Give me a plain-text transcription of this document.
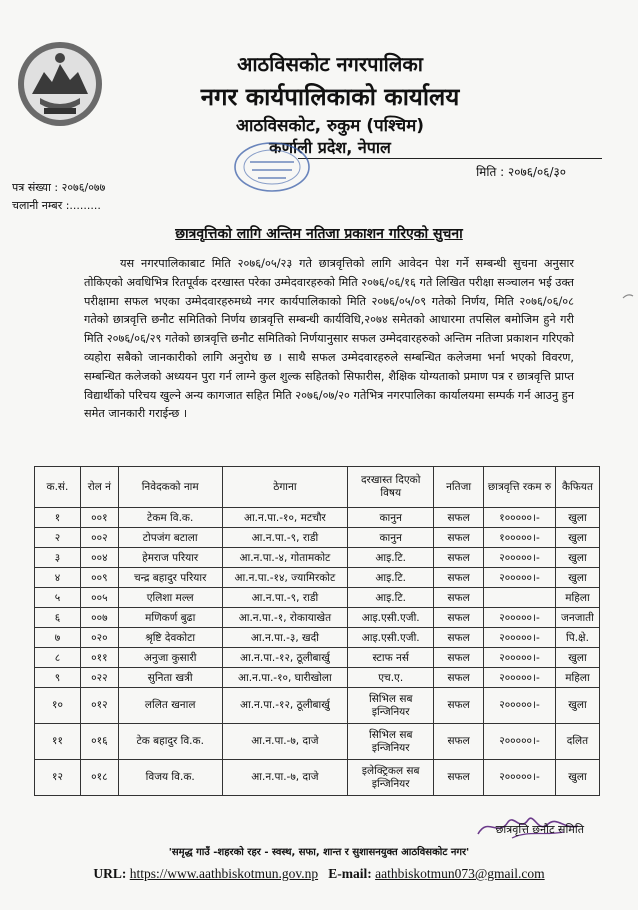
आठविसकोट नगरपालिका
नगर कार्यपालिकाको कार्यालय
आठविसकोट, रुकुम (पश्चिम)
कर्णाली प्रदेश, नेपाल
मिति : २०७६/०६/३०
पत्र संख्या : २०७६/०७७
चलानी नम्बर :.........
छात्रवृत्तिको लागि अन्तिम नतिजा प्रकाशन गरिएको सुचना
यस नगरपालिकाबाट मिति २०७६/०५/२३ गते छात्रवृत्तिको लागि आवेदन पेश गर्ने सम्बन्धी सुचना अनुसार तोकिएको अवधिभित्र रितपूर्वक दरखास्त परेका उम्मेदवारहरुको मिति २०७६/०६/१६ गते लिखित परीक्षा सञ्चालन भई उक्त परीक्षामा सफल भएका उम्मेदवारहरुमध्ये नगर कार्यपालिकाको मिति २०७६/०५/०९ गतेको निर्णय, मिति २०७६/०६/०८ गतेको छात्रवृत्ति छनौट समितिको निर्णय छात्रवृत्ति सम्बन्धी कार्यविधि,२०७४ समेतको आधारमा तपसिल बमोजिम हुने गरी मिति २०७६/०६/२९ गतेको छात्रवृत्ति छनौट समितिको निर्णयानुसार सफल उम्मेदवारहरुको अन्तिम नतिजा प्रकाशन गरिएको व्यहोरा सबैको जानकारीको लागि अनुरोध छ । साथै सफल उम्मेदवारहरुले सम्बन्धित कलेजमा भर्ना भएको विवरण, सम्बन्धित कलेजको अध्ययन पुरा गर्न लाग्ने कुल शुल्क सहितको सिफारीस, शैक्षिक योग्यताको प्रमाण पत्र र छात्रवृत्ति प्राप्त विद्यार्थीको परिचय खुल्ने अन्य कागजात सहित मिति २०७६/०७/२० गतेभित्र नगरपालिका कार्यालयमा सम्पर्क गर्न आउनु हुन समेत जानकारी गराईन्छ ।
क.सं.	रोल नं	निवेदकको नाम	ठेगाना	दरखास्त दिएको विषय	नतिजा	छात्रवृत्ति रकम रु	कैफियत
१	००१	टेकम वि.क.	आ.न.पा.-१०, मटचौर	कानुन	सफल	१०००००।-	खुला
२	००२	टोपजंग बटाला	आ.न.पा.-९, राडी	कानुन	सफल	१०००००।-	खुला
३	००४	हेमराज परियार	आ.न.पा.-४, गोतामकोट	आइ.टि.	सफल	२०००००।-	खुला
४	००९	चन्द्र बहादुर परियार	आ.न.पा.-१४, ज्यामिरकोट	आइ.टि.	सफल	२०००००।-	खुला
५	००५	एलिशा मल्ल	आ.न.पा.-९, राडी	आइ.टि.	सफल		महिला
६	००७	मणिकर्ण बुढा	आ.न.पा.-१, रोकायाखेत	आइ.एसी.एजी.	सफल	२०००००।-	जनजाती
७	०२०	श्रृष्टि देवकोटा	आ.न.पा.-३, खदी	आइ.एसी.एजी.	सफल	२०००००।-	पि.क्षे.
८	०११	अनुजा कुसारी	आ.न.पा.-१२, ठूलीबार्खु	स्टाफ नर्स	सफल	२०००००।-	खुला
९	०२२	सुनिता खत्री	आ.न.पा.-१०, घारीखोला	एच.ए.	सफल	२०००००।-	महिला
१०	०१२	ललित खनाल	आ.न.पा.-१२, ठूलीबार्खु	सिभिल सब इन्जिनियर	सफल	२०००००।-	खुला
११	०१६	टेक बहादुर वि.क.	आ.न.पा.-७, दाजे	सिभिल सब इन्जिनियर	सफल	२०००००।-	दलित
१२	०१८	विजय वि.क.	आ.न.पा.-७, दाजे	इलेक्ट्रिकल सब इन्जिनियर	सफल	२०००००।-	खुला
छात्रवृत्ति छनौट समिति
'समृद्ध गाउँ -शहरको रहर - स्वस्थ, सफा, शान्त र सुशासनयुक्त आठविसकोट नगर'
URL: https://www.aathbiskotmun.gov.np E-mail: aathbiskotmun073@gmail.com
